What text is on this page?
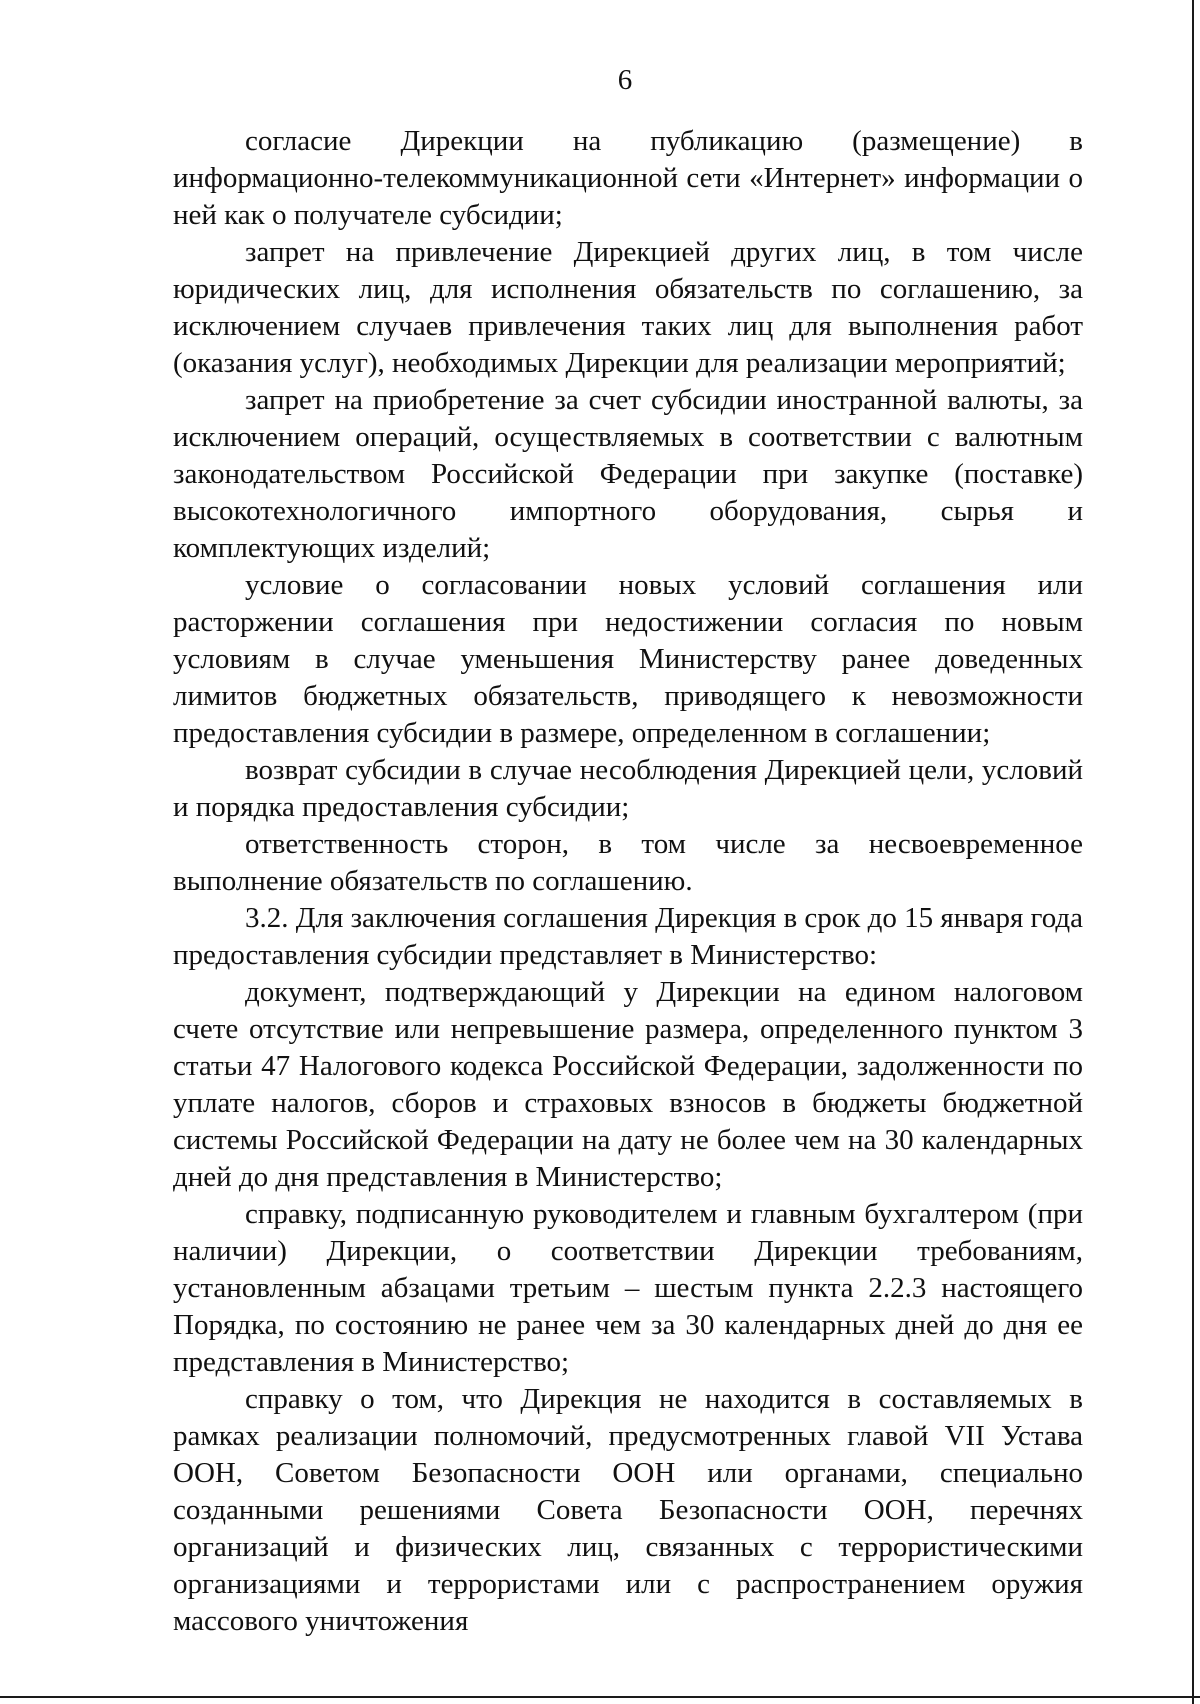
6

согласие Дирекции на публикацию (размещение) в информационно-телекоммуникационной сети «Интернет» информации о ней как о получателе субсидии;

запрет на привлечение Дирекцией других лиц, в том числе юридических лиц, для исполнения обязательств по соглашению, за исключением случаев привлечения таких лиц для выполнения работ (оказания услуг), необходимых Дирекции для реализации мероприятий;

запрет на приобретение за счет субсидии иностранной валюты, за исключением операций, осуществляемых в соответствии с валютным законодательством Российской Федерации при закупке (поставке) высокотехнологичного импортного оборудования, сырья и комплектующих изделий;

условие о согласовании новых условий соглашения или расторжении соглашения при недостижении согласия по новым условиям в случае уменьшения Министерству ранее доведенных лимитов бюджетных обязательств, приводящего к невозможности предоставления субсидии в размере, определенном в соглашении;

возврат субсидии в случае несоблюдения Дирекцией цели, условий и порядка предоставления субсидии;

ответственность сторон, в том числе за несвоевременное выполнение обязательств по соглашению.

3.2. Для заключения соглашения Дирекция в срок до 15 января года предоставления субсидии представляет в Министерство:

документ, подтверждающий у Дирекции на едином налоговом счете отсутствие или непревышение размера, определенного пунктом 3 статьи 47 Налогового кодекса Российской Федерации, задолженности по уплате налогов, сборов и страховых взносов в бюджеты бюджетной системы Российской Федерации на дату не более чем на 30 календарных дней до дня представления в Министерство;

справку, подписанную руководителем и главным бухгалтером (при наличии) Дирекции, о соответствии Дирекции требованиям, установленным абзацами третьим – шестым пункта 2.2.3 настоящего Порядка, по состоянию не ранее чем за 30 календарных дней до дня ее представления в Министерство;

справку о том, что Дирекция не находится в составляемых в рамках реализации полномочий, предусмотренных главой VII Устава ООН, Советом Безопасности ООН или органами, специально созданными решениями Совета Безопасности ООН, перечнях организаций и физических лиц, связанных с террористическими организациями и террористами или с распространением оружия массового уничтожения
